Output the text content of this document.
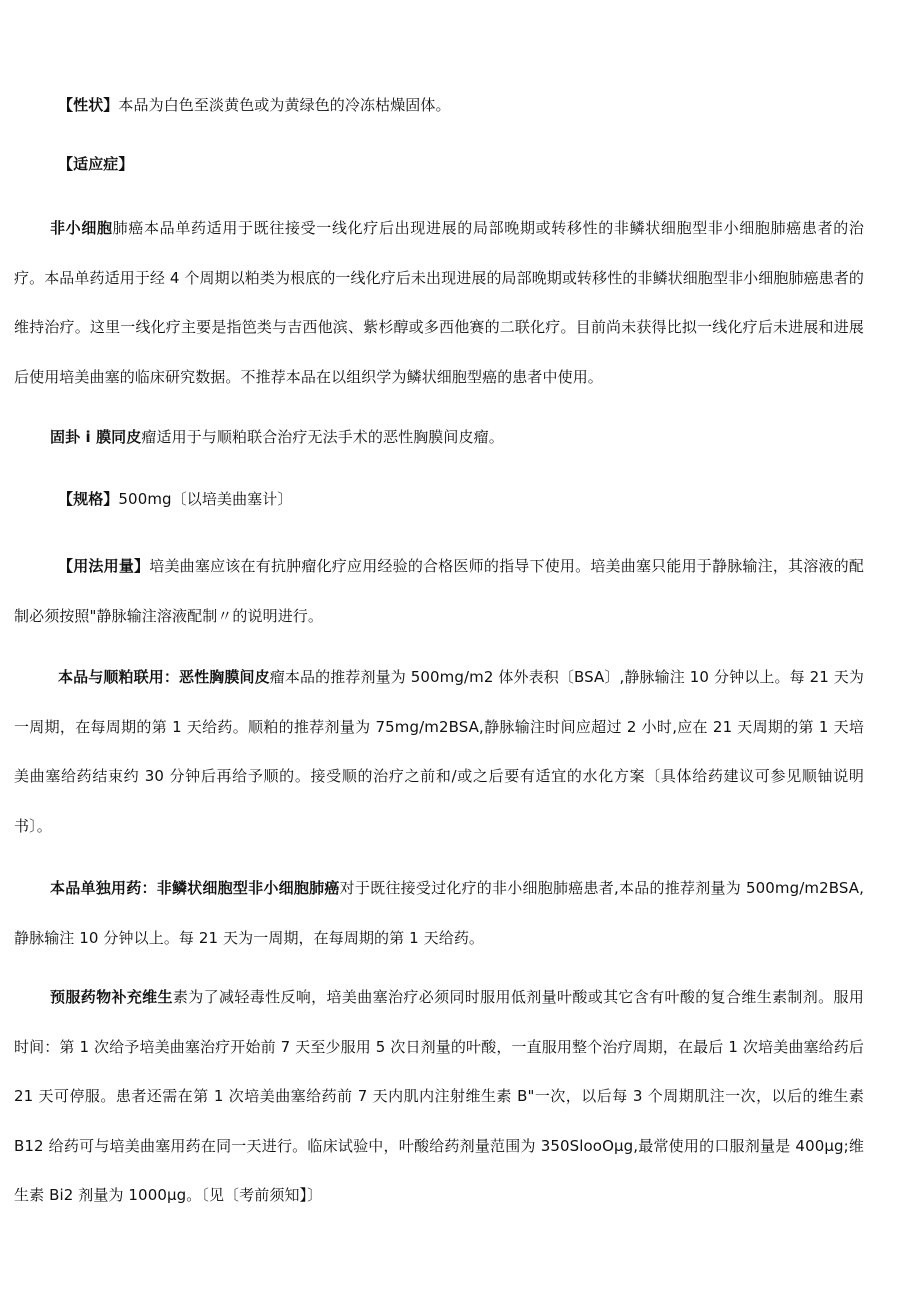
【性状】本品为白色至淡黄色或为黄绿色的冷冻枯燥固体。

【适应症】

非小细胞肺癌本品单药适用于既往接受一线化疗后出现进展的局部晚期或转移性的非鳞状细胞型非小细胞肺癌患者的治疗。本品单药适用于经 4 个周期以粕类为根底的一线化疗后未出现进展的局部晚期或转移性的非鳞状细胞型非小细胞肺癌患者的维持治疗。这里一线化疗主要是指笆类与吉西他滨、紫杉醇或多西他赛的二联化疗。目前尚未获得比拟一线化疗后未进展和进展后使用培美曲塞的临床研究数据。不推荐本品在以组织学为鳞状细胞型癌的患者中使用。

固卦 i 膜同皮瘤适用于与顺粕联合治疗无法手术的恶性胸膜间皮瘤。

【规格】500mg〔以培美曲塞计〕

【用法用量】培美曲塞应该在有抗肿瘤化疗应用经验的合格医师的指导下使用。培美曲塞只能用于静脉输注，其溶液的配制必须按照"静脉输注溶液配制〃的说明进行。

本品与顺粕联用：恶性胸膜间皮瘤本品的推荐剂量为 500mg/m2 体外表积〔BSA〕,静脉输注 10 分钟以上。每 21 天为一周期，在每周期的第 1 天给药。顺粕的推荐剂量为 75mg/m2BSA,静脉输注时间应超过 2 小时,应在 21 天周期的第 1 天培美曲塞给药结束约 30 分钟后再给予顺的。接受顺的治疗之前和/或之后要有适宜的水化方案〔具体给药建议可参见顺铀说明书〕。

本品单独用药：非鳞状细胞型非小细胞肺癌对于既往接受过化疗的非小细胞肺癌患者,本品的推荐剂量为 500mg/m2BSA,静脉输注 10 分钟以上。每 21 天为一周期，在每周期的第 1 天给药。

预服药物补充维生素为了减轻毒性反响，培美曲塞治疗必须同时服用低剂量叶酸或其它含有叶酸的复合维生素制剂。服用时间：第 1 次给予培美曲塞治疗开始前 7 天至少服用 5 次日剂量的叶酸，一直服用整个治疗周期，在最后 1 次培美曲塞给药后 21 天可停服。患者还需在第 1 次培美曲塞给药前 7 天内肌内注射维生素 B"一次，以后每 3 个周期肌注一次，以后的维生素 B12 给药可与培美曲塞用药在同一天进行。临床试验中，叶酸给药剂量范围为 350SlooOμg,最常使用的口服剂量是 400μg;维生素 Bi2 剂量为 1000μg。〔见〔考前须知】〕
